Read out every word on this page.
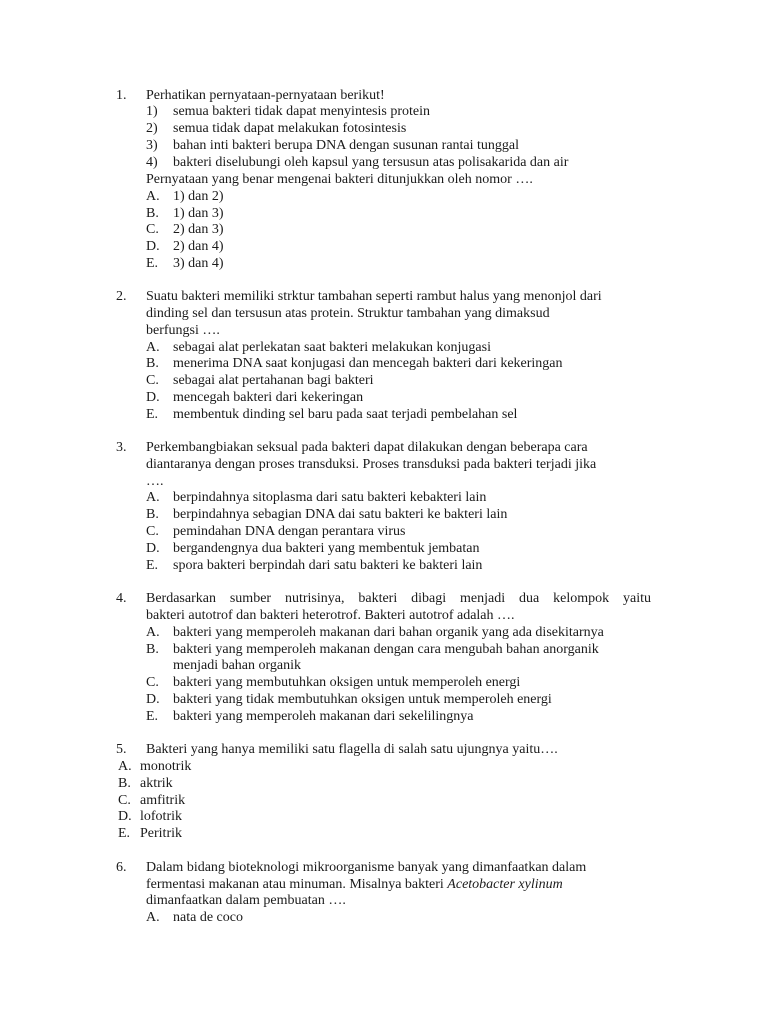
1.	Perhatikan pernyataan-pernyataan berikut!
1) semua bakteri tidak dapat menyintesis protein
2) semua tidak dapat melakukan fotosintesis
3) bahan inti bakteri berupa DNA dengan susunan rantai tunggal
4) bakteri diselubungi oleh kapsul yang tersusun atas polisakarida dan air
Pernyataan yang benar mengenai bakteri ditunjukkan oleh nomor ….
A. 1) dan 2)
B. 1) dan 3)
C. 2) dan 3)
D. 2) dan 4)
E. 3) dan 4)
2.	Suatu bakteri memiliki strktur tambahan seperti rambut halus yang menonjol dari
dinding sel dan tersusun atas protein. Struktur tambahan yang dimaksud
berfungsi ….
A. sebagai alat perlekatan saat bakteri melakukan konjugasi
B. menerima DNA saat konjugasi dan mencegah bakteri dari kekeringan
C. sebagai alat pertahanan bagi bakteri
D. mencegah bakteri dari kekeringan
E. membentuk dinding sel baru pada saat terjadi pembelahan sel
3.	Perkembangbiakan seksual pada bakteri dapat dilakukan dengan beberapa cara
diantaranya dengan proses transduksi. Proses transduksi pada bakteri terjadi jika
….
A. berpindahnya sitoplasma dari satu bakteri kebakteri lain
B. berpindahnya sebagian DNA dai satu bakteri ke bakteri lain
C. pemindahan DNA dengan perantara virus
D. bergandengnya dua bakteri yang membentuk jembatan
E. spora bakteri berpindah dari satu bakteri ke bakteri lain
4.	Berdasarkan sumber nutrisinya, bakteri dibagi menjadi dua kelompok yaitu
bakteri autotrof dan bakteri heterotrof. Bakteri autotrof adalah ….
A. bakteri yang memperoleh makanan dari bahan organik yang ada disekitarnya
B. bakteri yang memperoleh makanan dengan cara mengubah bahan anorganik
menjadi bahan organik
C. bakteri yang membutuhkan oksigen untuk memperoleh energi
D. bakteri yang tidak membutuhkan oksigen untuk memperoleh energi
E. bakteri yang memperoleh makanan dari sekelilingnya
5.	Bakteri yang hanya memiliki satu flagella di salah satu ujungnya yaitu….
A. monotrik
B. aktrik
C. amfitrik
D. lofotrik
E. Peritrik
6.	Dalam bidang bioteknologi mikroorganisme banyak yang dimanfaatkan dalam
fermentasi makanan atau minuman. Misalnya bakteri Acetobacter xylinum
dimanfaatkan dalam pembuatan ….
A. nata de coco
